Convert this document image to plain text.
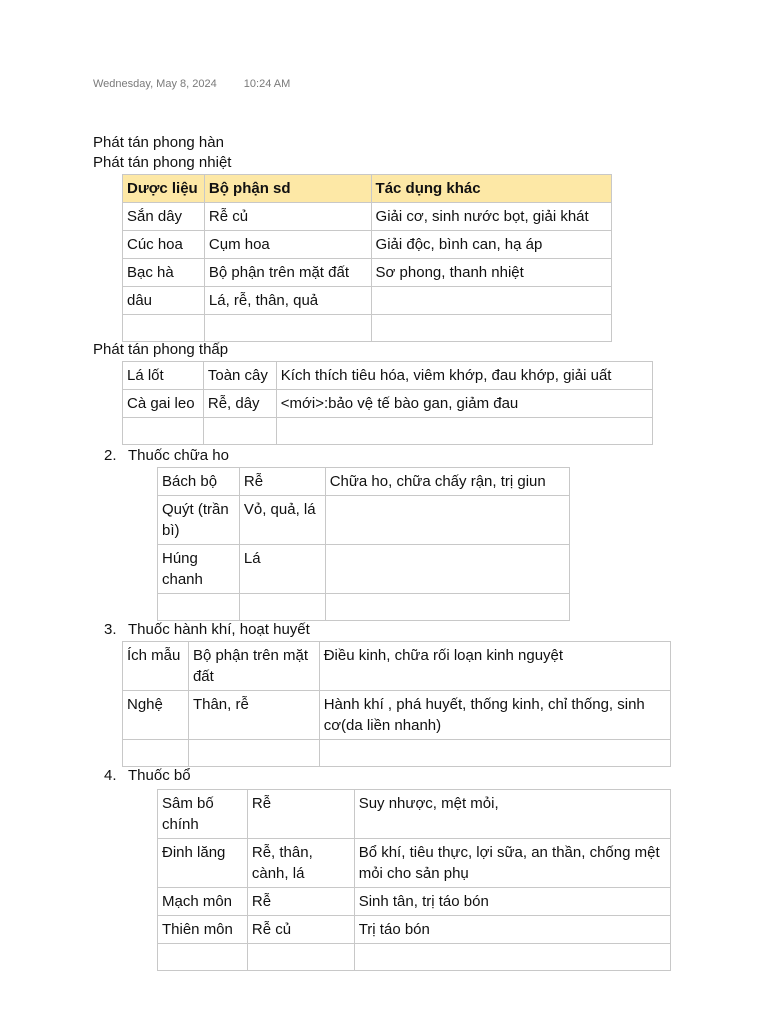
Wednesday, May 8, 2024 10:24 AM
Phát tán phong hàn
Phát tán phong nhiệt
Dược liệu	Bộ phận sd	Tác dụng khác
Sắn dây	Rễ củ	Giải cơ, sinh nước bọt, giải khát
Cúc hoa	Cụm hoa	Giải độc, bình can, hạ áp
Bạc hà	Bộ phận trên mặt đất	Sơ phong, thanh nhiệt
dâu	Lá, rễ, thân, quả	

Phát tán phong thấp
Lá lốt	Toàn cây	Kích thích tiêu hóa, viêm khớp, đau khớp, giải uất
Cà gai leo	Rễ, dây	<mới>:bảo vệ tế bào gan, giảm đau

2. Thuốc chữa ho
Bách bộ	Rễ	Chữa ho, chữa chấy rận, trị giun
Quýt (trần bì)	Vỏ, quả, lá	
Húng chanh	Lá	

3. Thuốc hành khí, hoạt huyết
Ích mẫu	Bộ phận trên mặt đất	Điều kinh, chữa rối loạn kinh nguyệt
Nghệ	Thân, rễ	Hành khí , phá huyết, thống kinh, chỉ thống, sinh cơ(da liền nhanh)

4. Thuốc bổ
Sâm bố chính	Rễ	Suy nhược, mệt mỏi,
Đinh lăng	Rễ, thân, cành, lá	Bổ khí, tiêu thực, lợi sữa, an thần, chống mệt mỏi cho sản phụ
Mạch môn	Rễ	Sinh tân, trị táo bón
Thiên môn	Rễ củ	Trị táo bón
